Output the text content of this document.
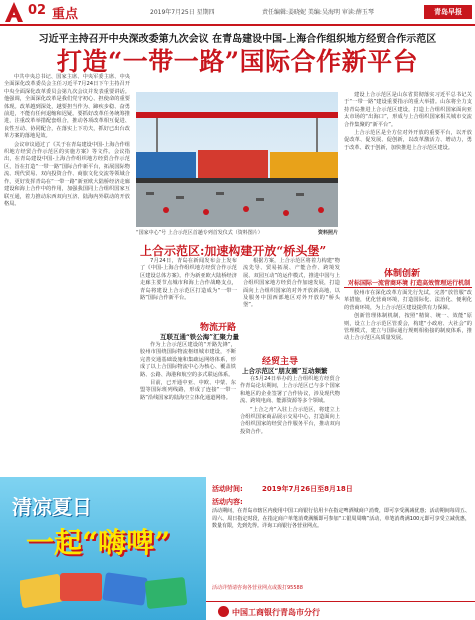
02 重点	2019年7月25日 星期四	责任编辑:姜晓妮 美编:吴海明 审读:薛玉琴	青岛早报
习近平主持召开中央深改委第九次会议 在青岛建设中国-上海合作组织地方经贸合作示范区
打造“一带一路”国际合作新平台

中共中央总书记、国家主席、中央军委主席、中央全面深化改革委员会主任习近平7月24日下午主持召开中央全面深化改革委员会第九次会议并发表重要讲话。他强调，全面深化改革是我们党守初心、担使命的重要体现。改革越到深处，越要担当作为、蹄疾步稳、奋勇前进，不能有任何退缩和迟疑。要抓好改革任务统筹推进，注重改革举措配套组合，推动各项改革相互促进、良性互动、协同配合，在落实上下功夫，抓好已出台改革方案的落地见效。

会议审议通过了《关于在青岛建设中国-上海合作组织地方经贸合作示范区的实施方案》等文件。会议指出，在青岛建设中国-上海合作组织地方经贸合作示范区，旨在打造“一带一路”国际合作新平台，拓展国际物流、现代贸易、双向投资合作、商旅文化交流等领域合作，更好发挥青岛在“一带一路”新亚欧大陆桥经济走廊建设和海上合作中的作用，加强我国同上合组织国家互联互通，着力推动东西双向互济、陆海内外联动的开放格局。

“国家中心”号 上合示范区首趟专列首发仪式（资料图片）	资料照片
上合示范区:加速构建开放“桥头堡”

7月24日，青岛在新闻发布会上发布了《中国-上海合作组织地方经贸合作示范区建设总体方案》。作为新亚欧大陆桥经济走廊主要节点城市和海上合作战略支点，青岛将建设上合示范区打造成为“一带一路”国际合作新平台。

根据方案，上合示范区将着力构建“物流先导、贸易拓展、产能合作、跨境发展、双园互动”的运作模式，推进中国与上合组织国家地方经贸合作加速发展，打造面向上合组织国家的对外开放新高地，以及服务中国西部地区对外开放的“桥头堡”。

物流开路
互联互通“铁公海”汇聚力量

作为上合示范区建设的“开路先锋”，胶州市围绕国际物流枢纽城市建设，不断完善交通基础设施和集疏运网络体系，形成了以上合国际物流中心为核心、覆盖铁路、公路、海港和航空的多式联运体系。

目前，已开通中亚、中欧、中蒙、东盟等国际班列线路，形成了连接“一带一路”沿线国家的陆海空立体化通道网络。

经贸主导
上合示范区“朋友圈”互动频繁

在5月24日举办的上合组织地方经贸合作青岛论坛期间，上合示范区已与多个国家和地区的企业签署了合作协议，涉及现代物流、跨境电商、能源资源等多个领域。

“上合之舟”入驻上合示范区，将建立上合组织国家商品展示交易中心，打造面向上合组织国家的经贸合作服务平台，推动双向投资合作。

建设上合示范区是山东省贯彻落实习近平总书记关于“一带一路”建设重要指示的重大举措。山东将全力支持青岛推进上合示范区建设，打造上合组织国家面向亚太市场的“出海口”，形成与上合组织国家相关城市交流合作集聚的“新平台”。

上合示范区是全方位对外开放的重要平台，以开放促改革、促发展、促创新，以改革激活力、增动力，勇于改革、敢于创新，加快推进上合示范区建设。

体制创新
对标国际一流营商环境 打造高效管理运行机制

胶州市在深化改革方面先行先试，完善“放管服”改革措施，优化营商环境，打造国际化、法治化、便利化的营商环境，为上合示范区建设提供有力保障。

创新管理体制机制，按照“精简、统一、效能”原则，设立上合示范区管委会，构建“小政府、大社会”的管理模式，建立与国际通行规则相衔接的制度体系，推动上合示范区高质量发展。

清凉夏日
一起“嗨啤”
活动时间:	2019年7月26日至8月18日
活动内容:
活动期间，在青岛市辖区内使用中国工商银行信用卡在指定啤酒城商户消费，即可享受满减优惠；活动期间每周五、周六、周日指定时段，在指定商户单笔消费满额即可参加“工银周周嗨”活动，单笔消费满100元即可享受立减优惠，数量有限，先到先得。详询工商银行各营业网点。
活动详情请咨询各营业网点或拨打95588
中国工商银行青岛市分行
